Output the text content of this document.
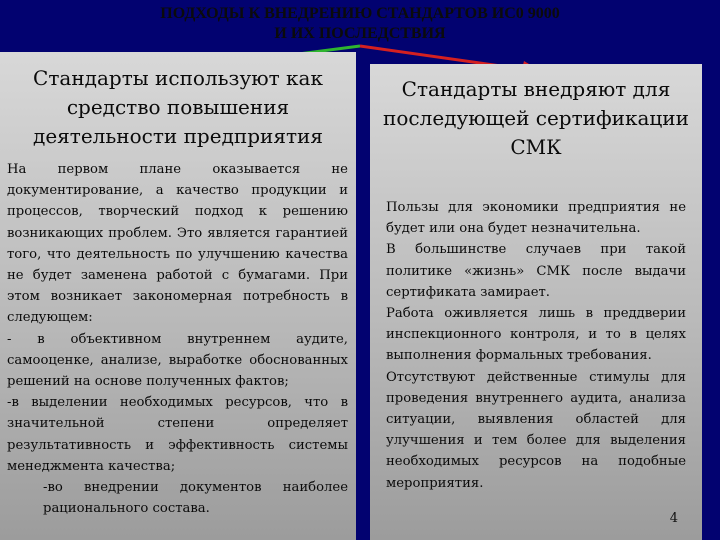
ПОДХОДЫ К ВНЕДРЕНИЮ СТАНДАРТОВ ИС0 9000
И ИХ ПОСЛЕДСТВИЯ
Стандарты используют как средство повышения деятельности предприятия

На первом плане оказывается не документирование, а качество продукции и процессов, творческий подход к решению возникающих проблем. Это является гарантией того, что деятельность по улучшению качества не будет заменена работой с бумагами. При этом возникает закономерная потребность в следующем:

- в объективном внутреннем аудите, самооценке, анализе, выработке обоснованных решений на основе полученных фактов;

-в выделении необходимых ресурсов, что в значительной степени определяет результативность и эффективность системы менеджмента качества;

-во внедрении документов наиболее рационального состава.

Стандарты внедряют для последующей сертификации СМК

Пользы для экономики предприятия не будет или она будет незначительна.

В большинстве случаев при такой политике «жизнь» СМК после выдачи сертификата замирает.

Работа оживляется лишь в преддверии инспекционного контроля, и то в целях выполнения формальных требования.

Отсутствуют действенные стимулы для проведения внутреннего аудита, анализа ситуации, выявления областей для улучшения и тем более для выделения необходимых ресурсов на подобные мероприятия.

4
